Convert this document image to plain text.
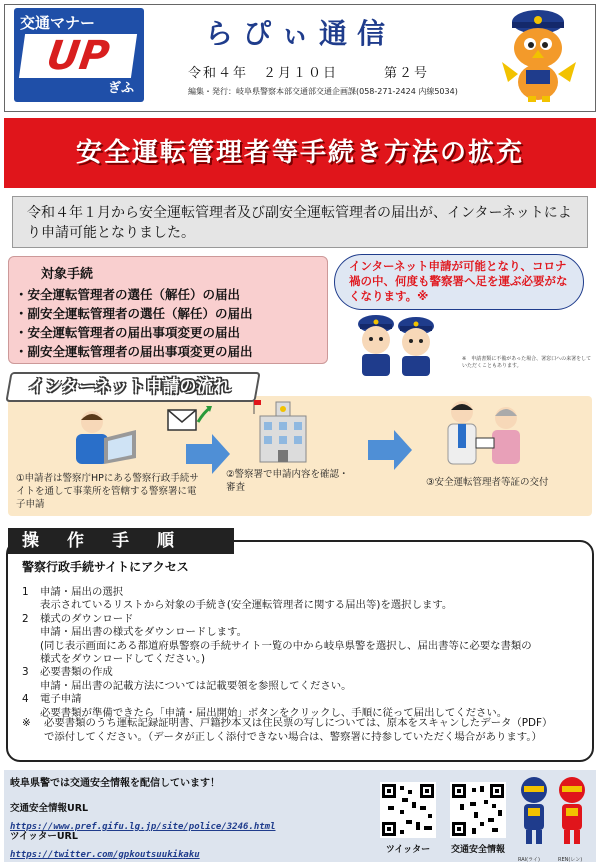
交通マナー
UP
ぎふ
らぴぃ通信
令和４年　２月１０日	第２号
編集・発行：岐阜県警察本部交通部交通企画課(058-271-2424 内線5034)
安全運転管理者等手続き方法の拡充

令和４年１月から安全運転管理者及び副安全運転管理者の届出が、インターネットにより申請可能となりました。

対象手続
・安全運転管理者の選任（解任）の届出
・副安全運転管理者の選任（解任）の届出
・安全運転管理者の届出事項変更の届出
・副安全運転管理者の届出事項変更の届出

インターネット申請が可能となり、コロナ禍の中、何度も警察署へ足を運ぶ必要がなくなります。※

※　申請書類に不備があった場合、署窓口への来署をしていただくこともあります。
インターネット申請の流れ
①申請者は警察庁HPにある警察行政手続サイトを通して事業所を管轄する警察署に電子申請
②警察署で申請内容を確認・審査	③安全運転管理者等証の交付
警察行政手続サイトにアクセス
操作手順
1 申請・届出の選択
表示されているリストから対象の手続き(安全運転管理者に関する届出等)を選択します。
2 様式のダウンロード
申請・届出書の様式をダウンロードします。
(同じ表示画面にある都道府県警察の手続サイト一覧の中から岐阜県警を選択し、届出書等に必要な書類の
様式をダウンロードしてください。)
3 必要書類の作成
申請・届出書の記載方法については記載要領を参照してください。
4 電子申請
必要書類が準備できたら「申請・届出開始」ボタンをクリックし、手順に従って届出してください。
※ 必要書類のうち運転記録証明書、戸籍抄本又は住民票の写しについては、原本をスキャンしたデータ（PDF）
で添付してください。（データが正しく添付できない場合は、警察署に持参していただく場合があります。）
岐阜県警では交通安全情報を配信しています！
交通安全情報URL
https://www.pref.gifu.lg.jp/site/police/3246.html
ツイッターURL
https://twitter.com/gpkoutsuukikaku	ツイッター	交通安全情報
RAI(ライ)	REN(レン)
